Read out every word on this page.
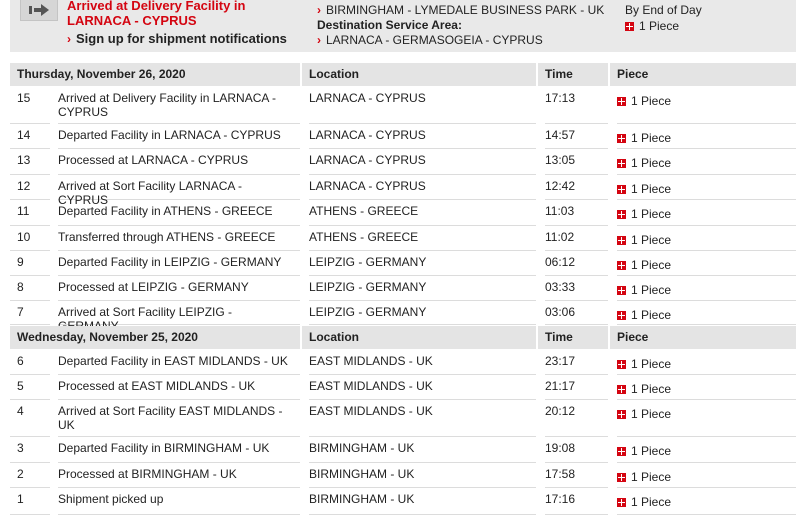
Arrived at Delivery Facility in LARNACA - CYPRUS
› Sign up for shipment notifications
› BIRMINGHAM - LYMEDALE BUSINESS PARK - UK
Destination Service Area:
› LARNACA - GERMASOGEIA - CYPRUS
By End of Day
1 Piece
Thursday, November 26, 2020	Location	Time	Piece
15	Arrived at Delivery Facility in LARNACA - CYPRUS
LARNACA - CYPRUS	17:13	1 Piece
14	Departed Facility in LARNACA - CYPRUS	LARNACA - CYPRUS	14:57	1 Piece
13	Processed at LARNACA - CYPRUS	LARNACA - CYPRUS	13:05	1 Piece
12	Arrived at Sort Facility LARNACA - CYPRUS
LARNACA - CYPRUS	12:42	1 Piece
11	Departed Facility in ATHENS - GREECE	ATHENS - GREECE	11:03	1 Piece
10	Transferred through ATHENS - GREECE	ATHENS - GREECE	11:02	1 Piece
9	Departed Facility in LEIPZIG - GERMANY	LEIPZIG - GERMANY	06:12	1 Piece
8	Processed at LEIPZIG - GERMANY	LEIPZIG - GERMANY	03:33	1 Piece
7	Arrived at Sort Facility LEIPZIG -	LEIPZIG - GERMANY	03:06	1 Piece
Wednesday, November 25, 2020	Location	Time	Piece
6	Departed Facility in EAST MIDLANDS - UK	EAST MIDLANDS - UK	23:17	1 Piece
5	Processed at EAST MIDLANDS - UK	EAST MIDLANDS - UK	21:17	1 Piece
4	Arrived at Sort Facility EAST MIDLANDS - UK
EAST MIDLANDS - UK	20:12	1 Piece
3	Departed Facility in BIRMINGHAM - UK	BIRMINGHAM - UK	19:08	1 Piece
2	Processed at BIRMINGHAM - UK	BIRMINGHAM - UK	17:58	1 Piece
1	Shipment picked up	BIRMINGHAM - UK	17:16	1 Piece
